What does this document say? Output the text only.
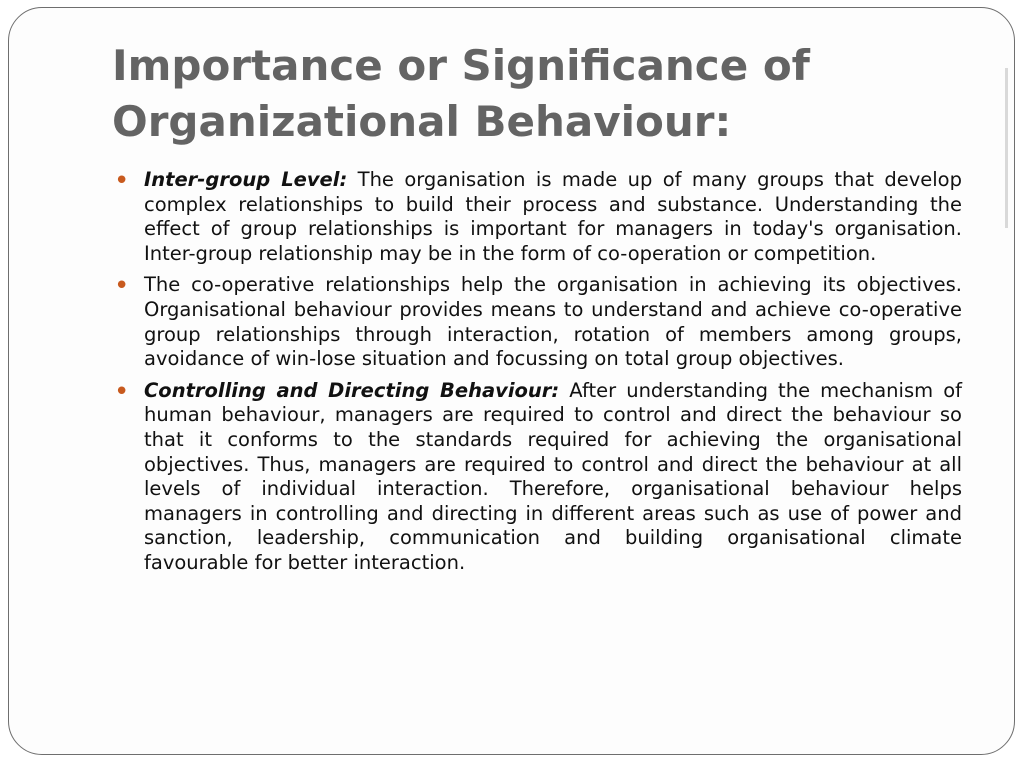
Importance or Significance of
Organizational Behaviour:
• Inter-group Level: The organisation is made up of many groups that develop complex relationships to build their process and substance. Understanding the effect of group relationships is important for managers in today's organisation. Inter-group relationship may be in the form of co-operation or competition.
• The co-operative relationships help the organisation in achieving its objectives. Organisational behaviour provides means to understand and achieve co-operative group relationships through interaction, rotation of members among groups, avoidance of win-lose situation and focussing on total group objectives.
• Controlling and Directing Behaviour: After understanding the mechanism of human behaviour, managers are required to control and direct the behaviour so that it conforms to the standards required for achieving the organisational objectives. Thus, managers are required to control and direct the behaviour at all levels of individual interaction. Therefore, organisational behaviour helps managers in controlling and directing in different areas such as use of power and sanction, leadership, communication and building organisational climate favourable for better interaction.
